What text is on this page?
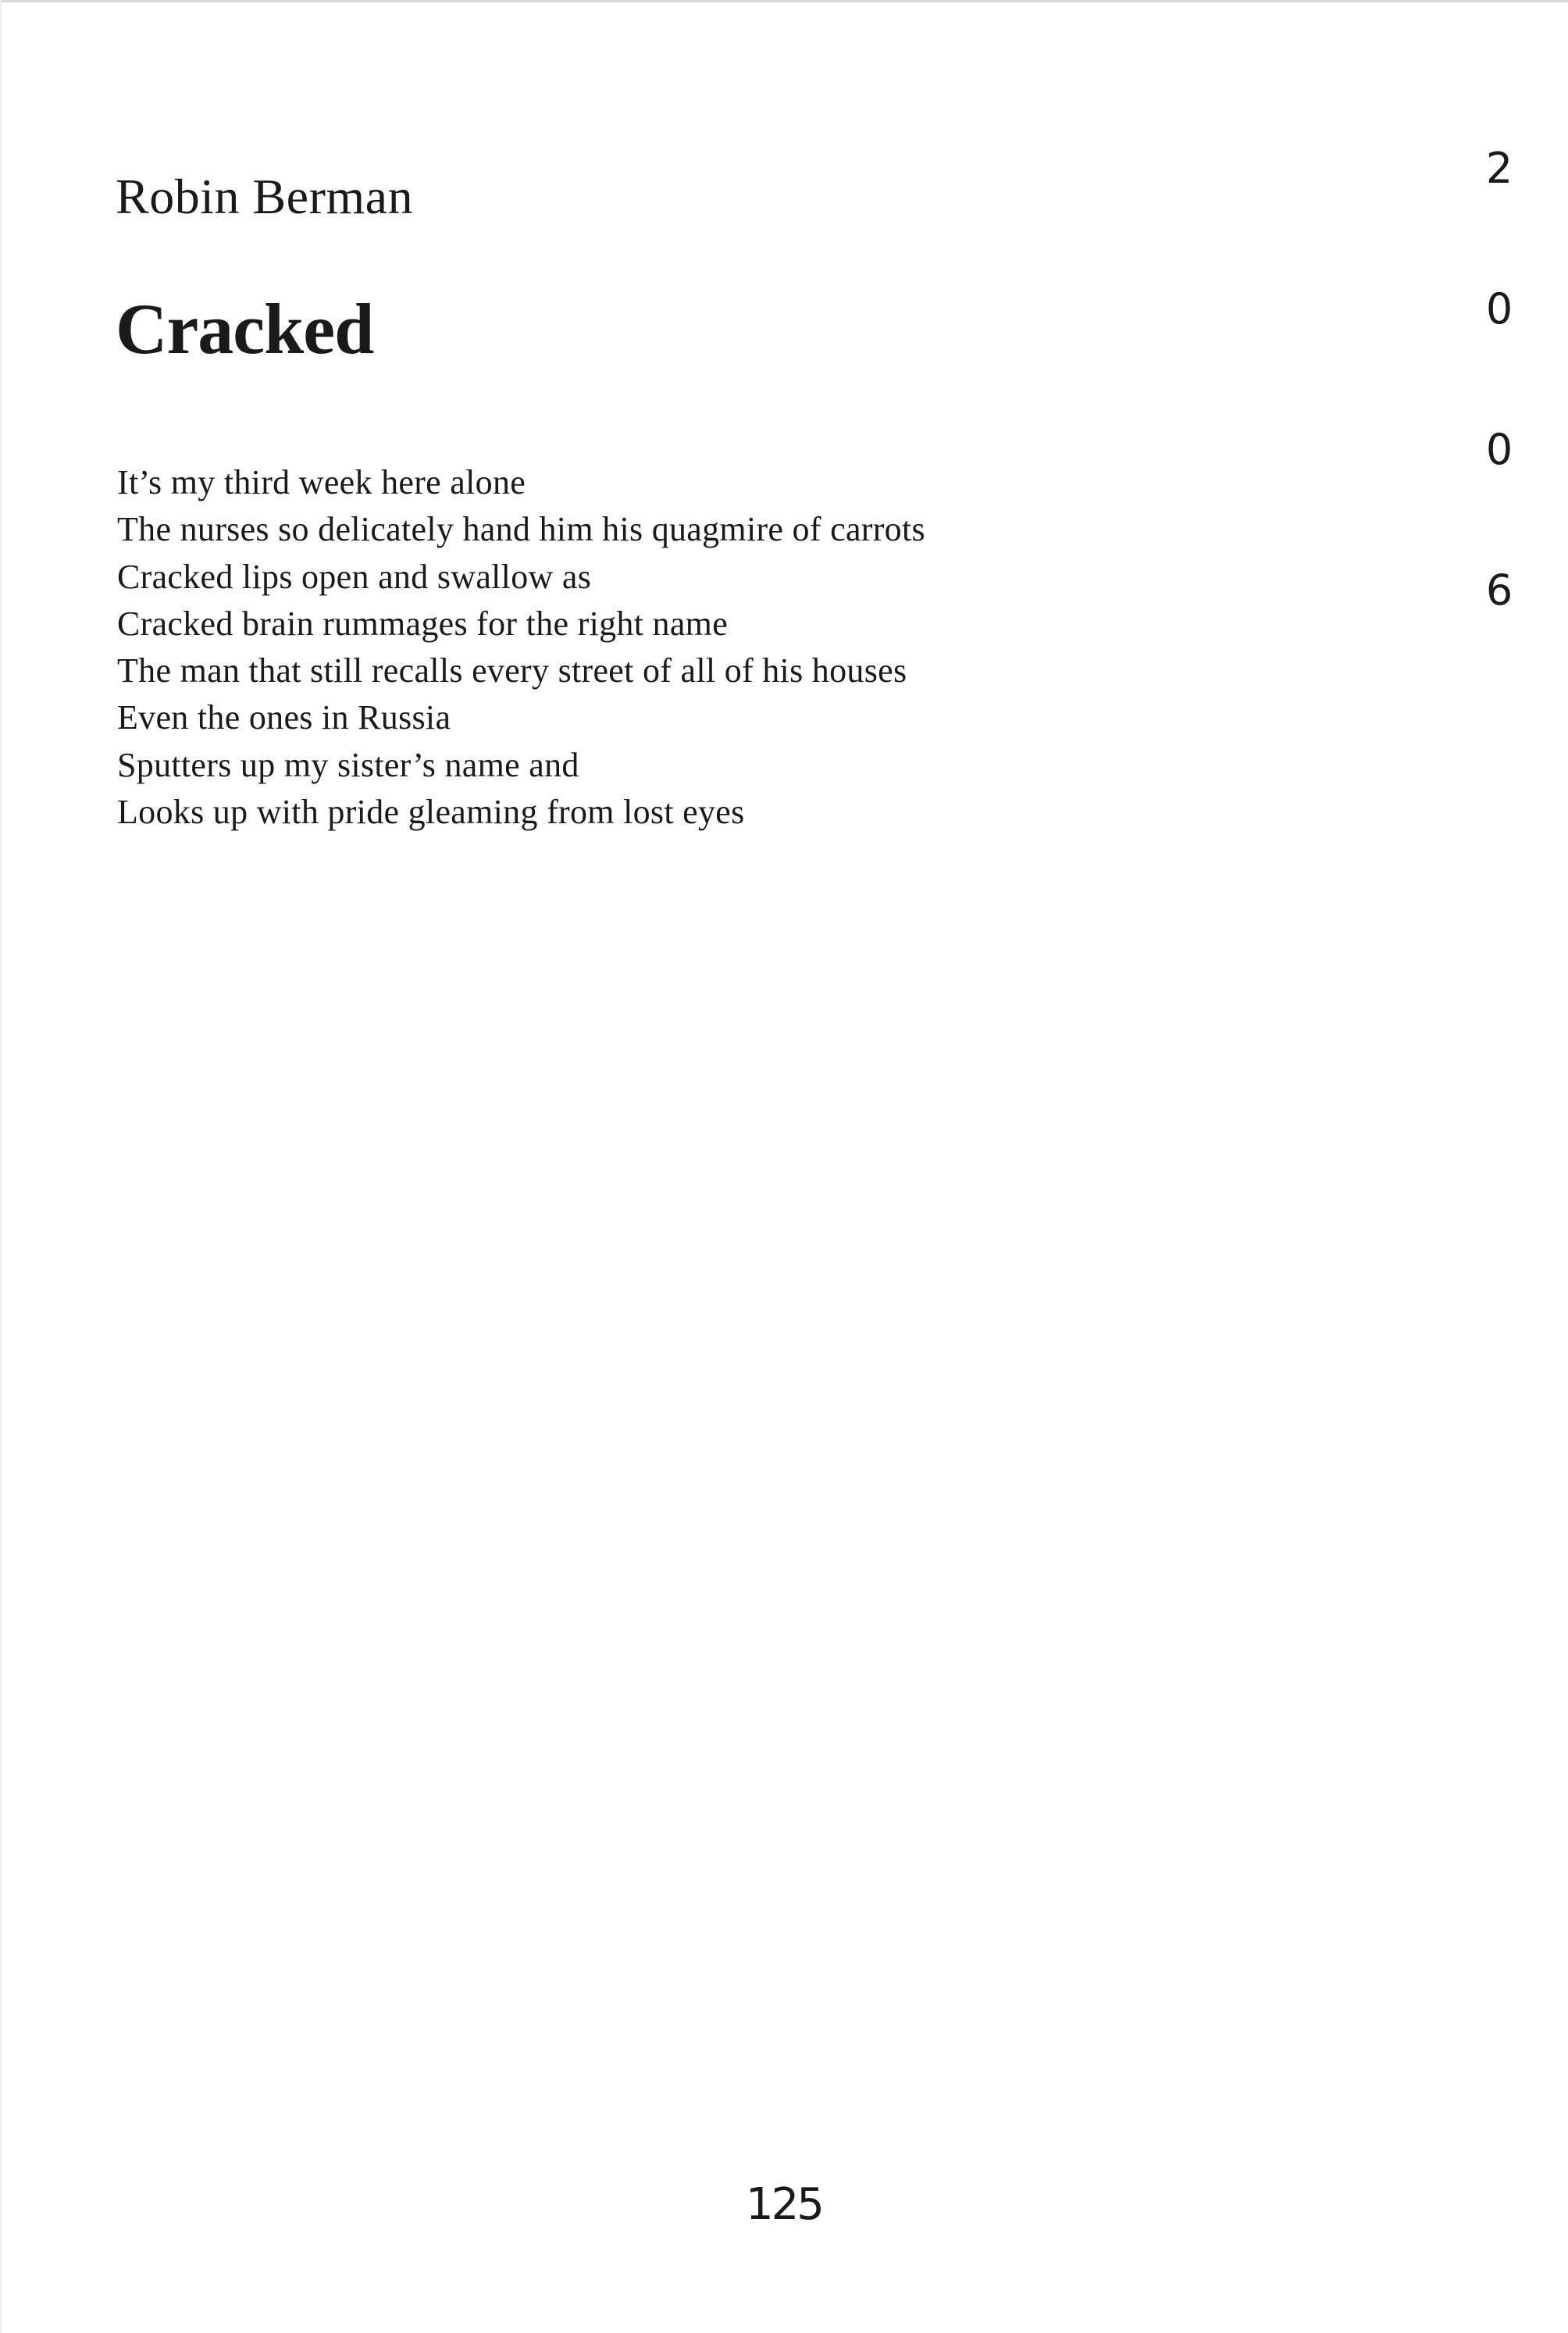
Robin Berman
Cracked
It’s my third week here alone
The nurses so delicately hand him his quagmire of carrots
Cracked lips open and swallow as
Cracked brain rummages for the right name
The man that still recalls every street of all of his houses
Even the ones in Russia
Sputters up my sister’s name and
Looks up with pride gleaming from lost eyes
2
0
0
6
125
